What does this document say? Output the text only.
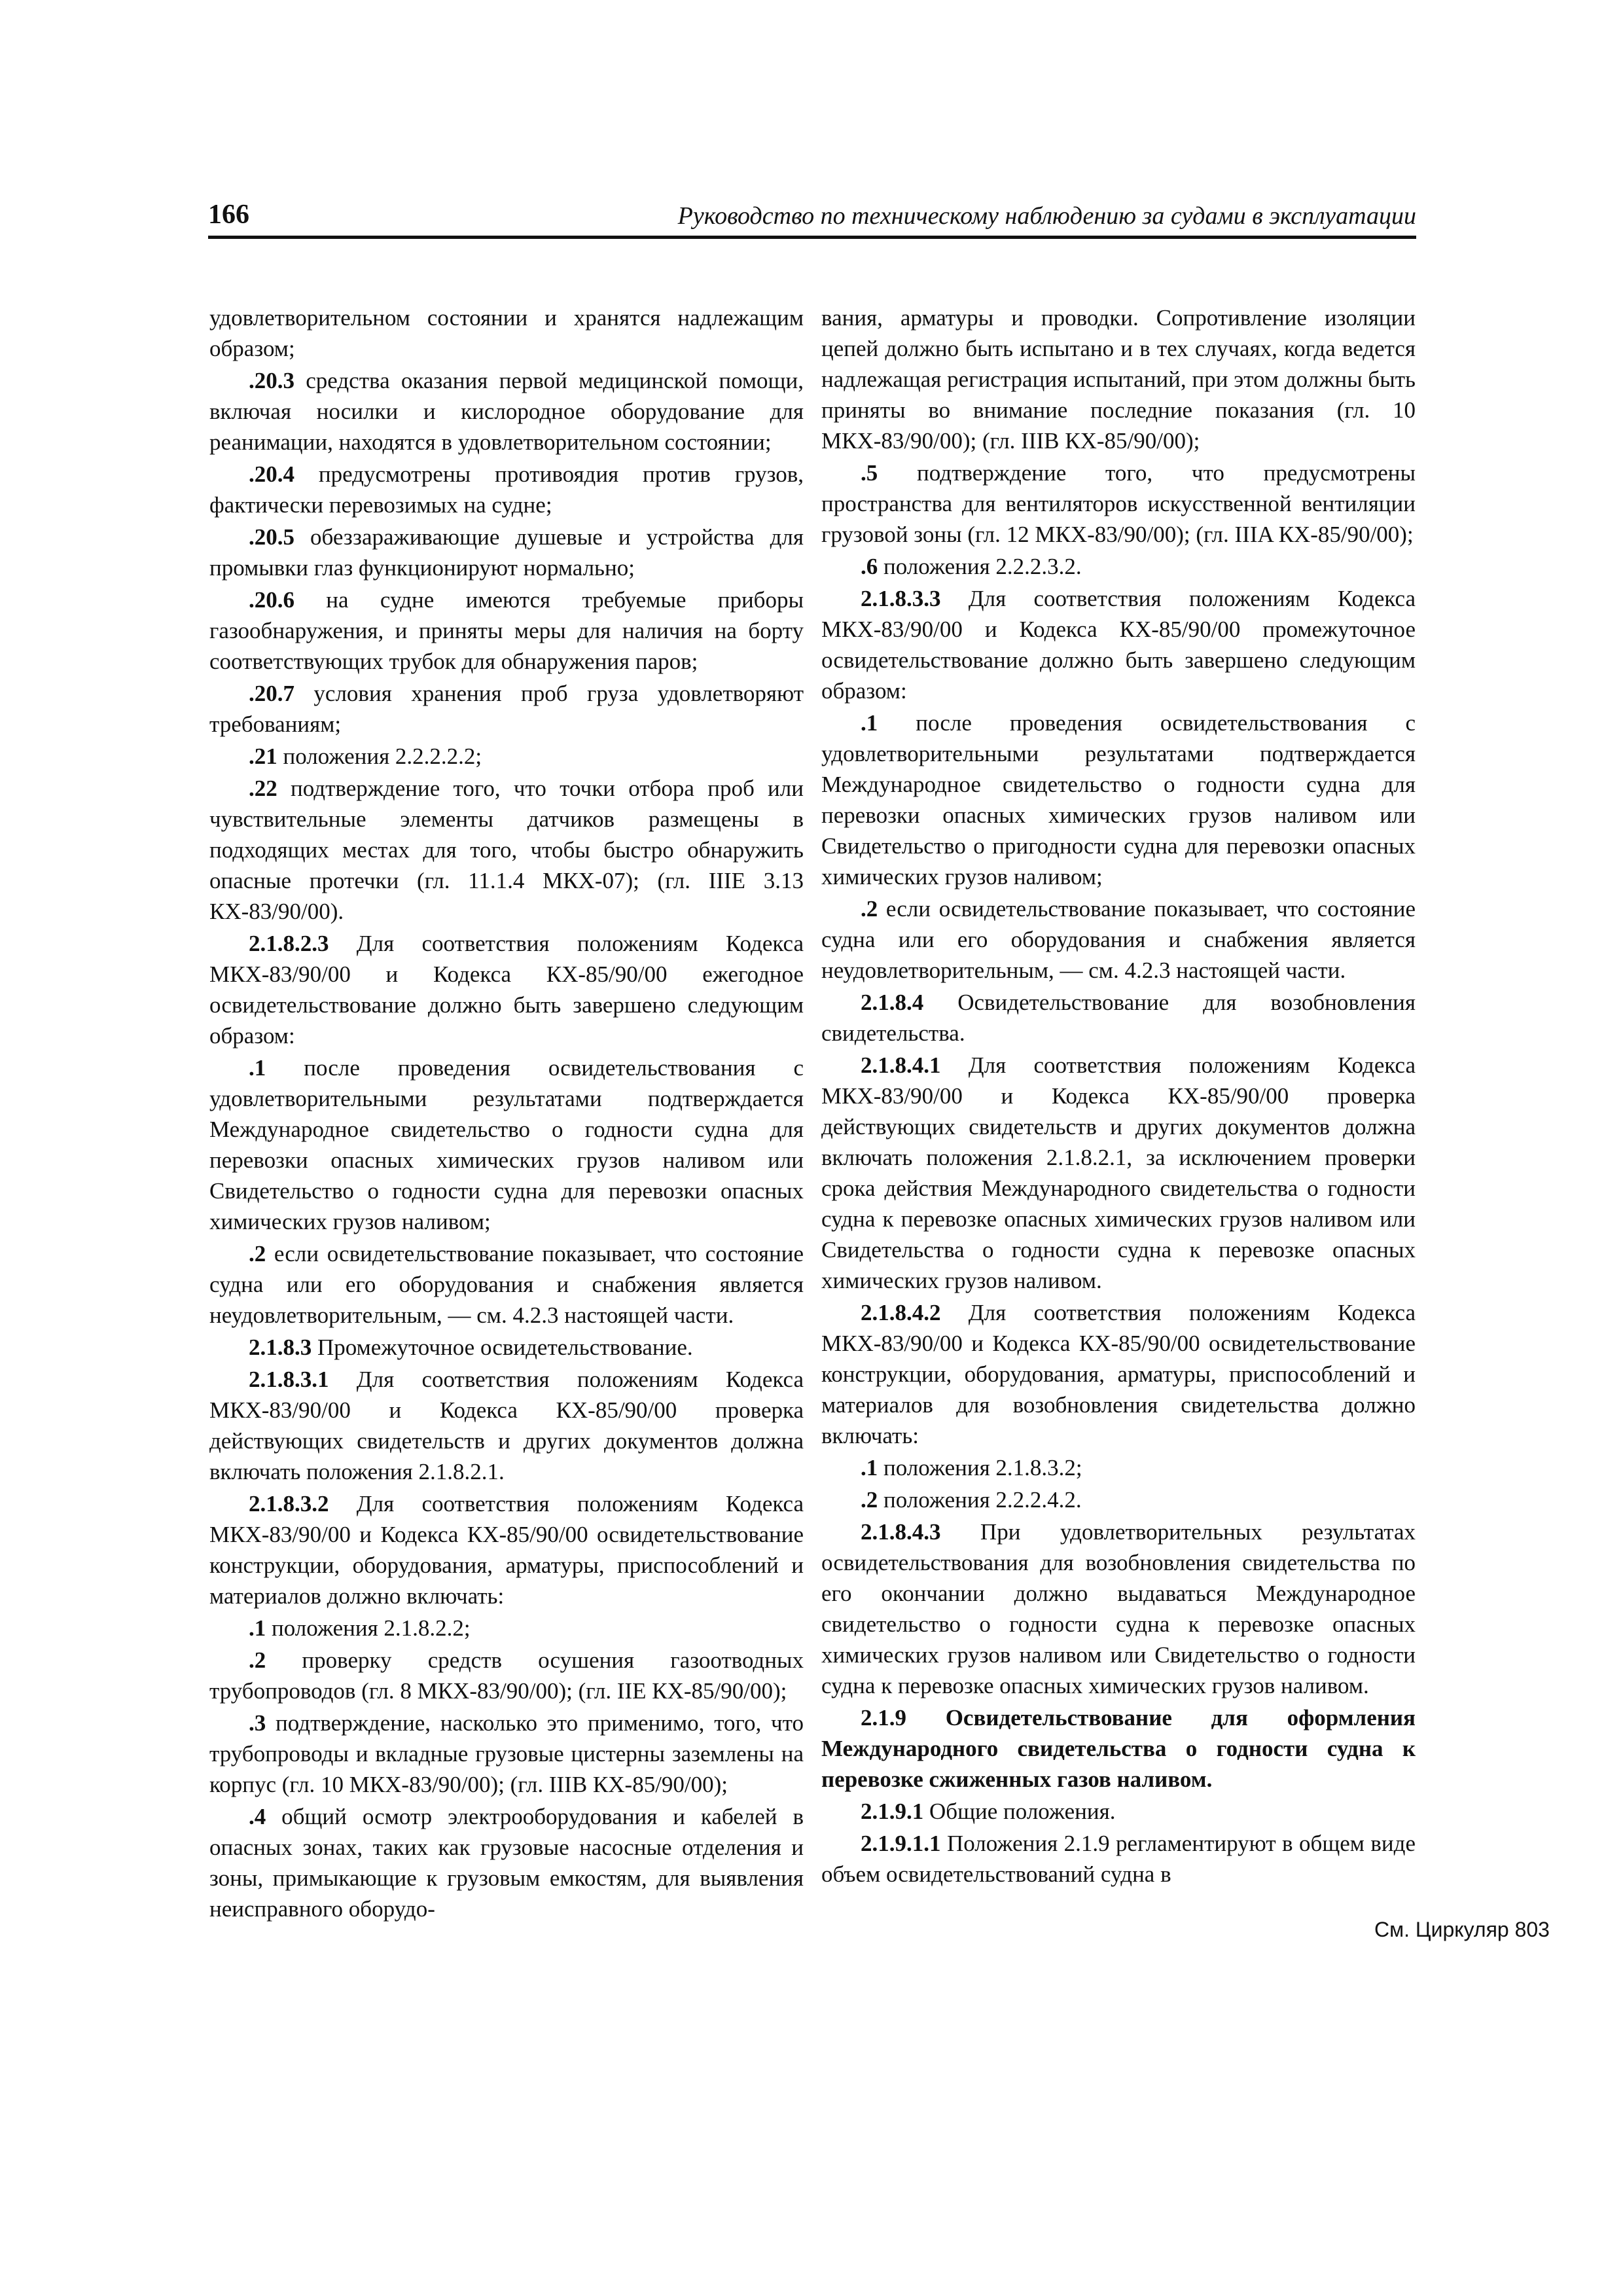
166	Руководство по техническому наблюдению за судами в эксплуатации

удовлетворительном состоянии и хранятся надлежащим образом;

.20.3 средства оказания первой медицинской помощи, включая носилки и кислородное оборудование для реанимации, находятся в удовлетворительном состоянии;

.20.4 предусмотрены противоядия против грузов, фактически перевозимых на судне;

.20.5 обеззараживающие душевые и устройства для промывки глаз функционируют нормально;

.20.6 на судне имеются требуемые приборы газообнаружения, и приняты меры для наличия на борту соответствующих трубок для обнаружения паров;

.20.7 условия хранения проб груза удовлетворяют требованиям;

.21 положения 2.2.2.2.2;

.22 подтверждение того, что точки отбора проб или чувствительные элементы датчиков размещены в подходящих местах для того, чтобы быстро обнаружить опасные протечки (гл. 11.1.4 МКХ-07); (гл. IIIE 3.13 КХ-83/90/00).

2.1.8.2.3 Для соответствия положениям Кодекса МКХ-83/90/00 и Кодекса КХ-85/90/00 ежегодное освидетельствование должно быть завершено следующим образом:

.1 после проведения освидетельствования с удовлетворительными результатами подтверждается Международное свидетельство о годности судна для перевозки опасных химических грузов наливом или Свидетельство о годности судна для перевозки опасных химических грузов наливом;

.2 если освидетельствование показывает, что состояние судна или его оборудования и снабжения является неудовлетворительным, — см. 4.2.3 настоящей части.

2.1.8.3 Промежуточное освидетельствование.

2.1.8.3.1 Для соответствия положениям Кодекса МКХ-83/90/00 и Кодекса КХ-85/90/00 проверка действующих свидетельств и других документов должна включать положения 2.1.8.2.1.

2.1.8.3.2 Для соответствия положениям Кодекса МКХ-83/90/00 и Кодекса КХ-85/90/00 освидетельствование конструкции, оборудования, арматуры, приспособлений и материалов должно включать:

.1 положения 2.1.8.2.2;

.2 проверку средств осушения газоотводных трубопроводов (гл. 8 МКХ-83/90/00); (гл. IIE КХ-85/90/00);

.3 подтверждение, насколько это применимо, того, что трубопроводы и вкладные грузовые цистерны заземлены на корпус (гл. 10 МКХ-83/90/00); (гл. IIIB КХ-85/90/00);

.4 общий осмотр электрооборудования и кабелей в опасных зонах, таких как грузовые насосные отделения и зоны, примыкающие к грузовым емкостям, для выявления неисправного оборудо-

вания, арматуры и проводки. Сопротивление изоляции цепей должно быть испытано и в тех случаях, когда ведется надлежащая регистрация испытаний, при этом должны быть приняты во внимание последние показания (гл. 10 МКХ-83/90/00); (гл. IIIB КХ-85/90/00);

.5 подтверждение того, что предусмотрены пространства для вентиляторов искусственной вентиляции грузовой зоны (гл. 12 МКХ-83/90/00); (гл. IIIA КХ-85/90/00);

.6 положения 2.2.2.3.2.

2.1.8.3.3 Для соответствия положениям Кодекса МКХ-83/90/00 и Кодекса КХ-85/90/00 промежуточное освидетельствование должно быть завершено следующим образом:

.1 после проведения освидетельствования с удовлетворительными результатами подтверждается Международное свидетельство о годности судна для перевозки опасных химических грузов наливом или Свидетельство о пригодности судна для перевозки опасных химических грузов наливом;

.2 если освидетельствование показывает, что состояние судна или его оборудования и снабжения является неудовлетворительным, — см. 4.2.3 настоящей части.

2.1.8.4 Освидетельствование для возобновления свидетельства.

2.1.8.4.1 Для соответствия положениям Кодекса МКХ-83/90/00 и Кодекса КХ-85/90/00 проверка действующих свидетельств и других документов должна включать положения 2.1.8.2.1, за исключением проверки срока действия Международного свидетельства о годности судна к перевозке опасных химических грузов наливом или Свидетельства о годности судна к перевозке опасных химических грузов наливом.

2.1.8.4.2 Для соответствия положениям Кодекса МКХ-83/90/00 и Кодекса КХ-85/90/00 освидетельствование конструкции, оборудования, арматуры, приспособлений и материалов для возобновления свидетельства должно включать:

.1 положения 2.1.8.3.2;

.2 положения 2.2.2.4.2.

2.1.8.4.3 При удовлетворительных результатах освидетельствования для возобновления свидетельства по его окончании должно выдаваться Международное свидетельство о годности судна к перевозке опасных химических грузов наливом или Свидетельство о годности судна к перевозке опасных химических грузов наливом.

2.1.9 Освидетельствование для оформления Международного свидетельства о годности судна к перевозке сжиженных газов наливом.

2.1.9.1 Общие положения.

2.1.9.1.1 Положения 2.1.9 регламентируют в общем виде объем освидетельствований судна в

См. Циркуляр 803
